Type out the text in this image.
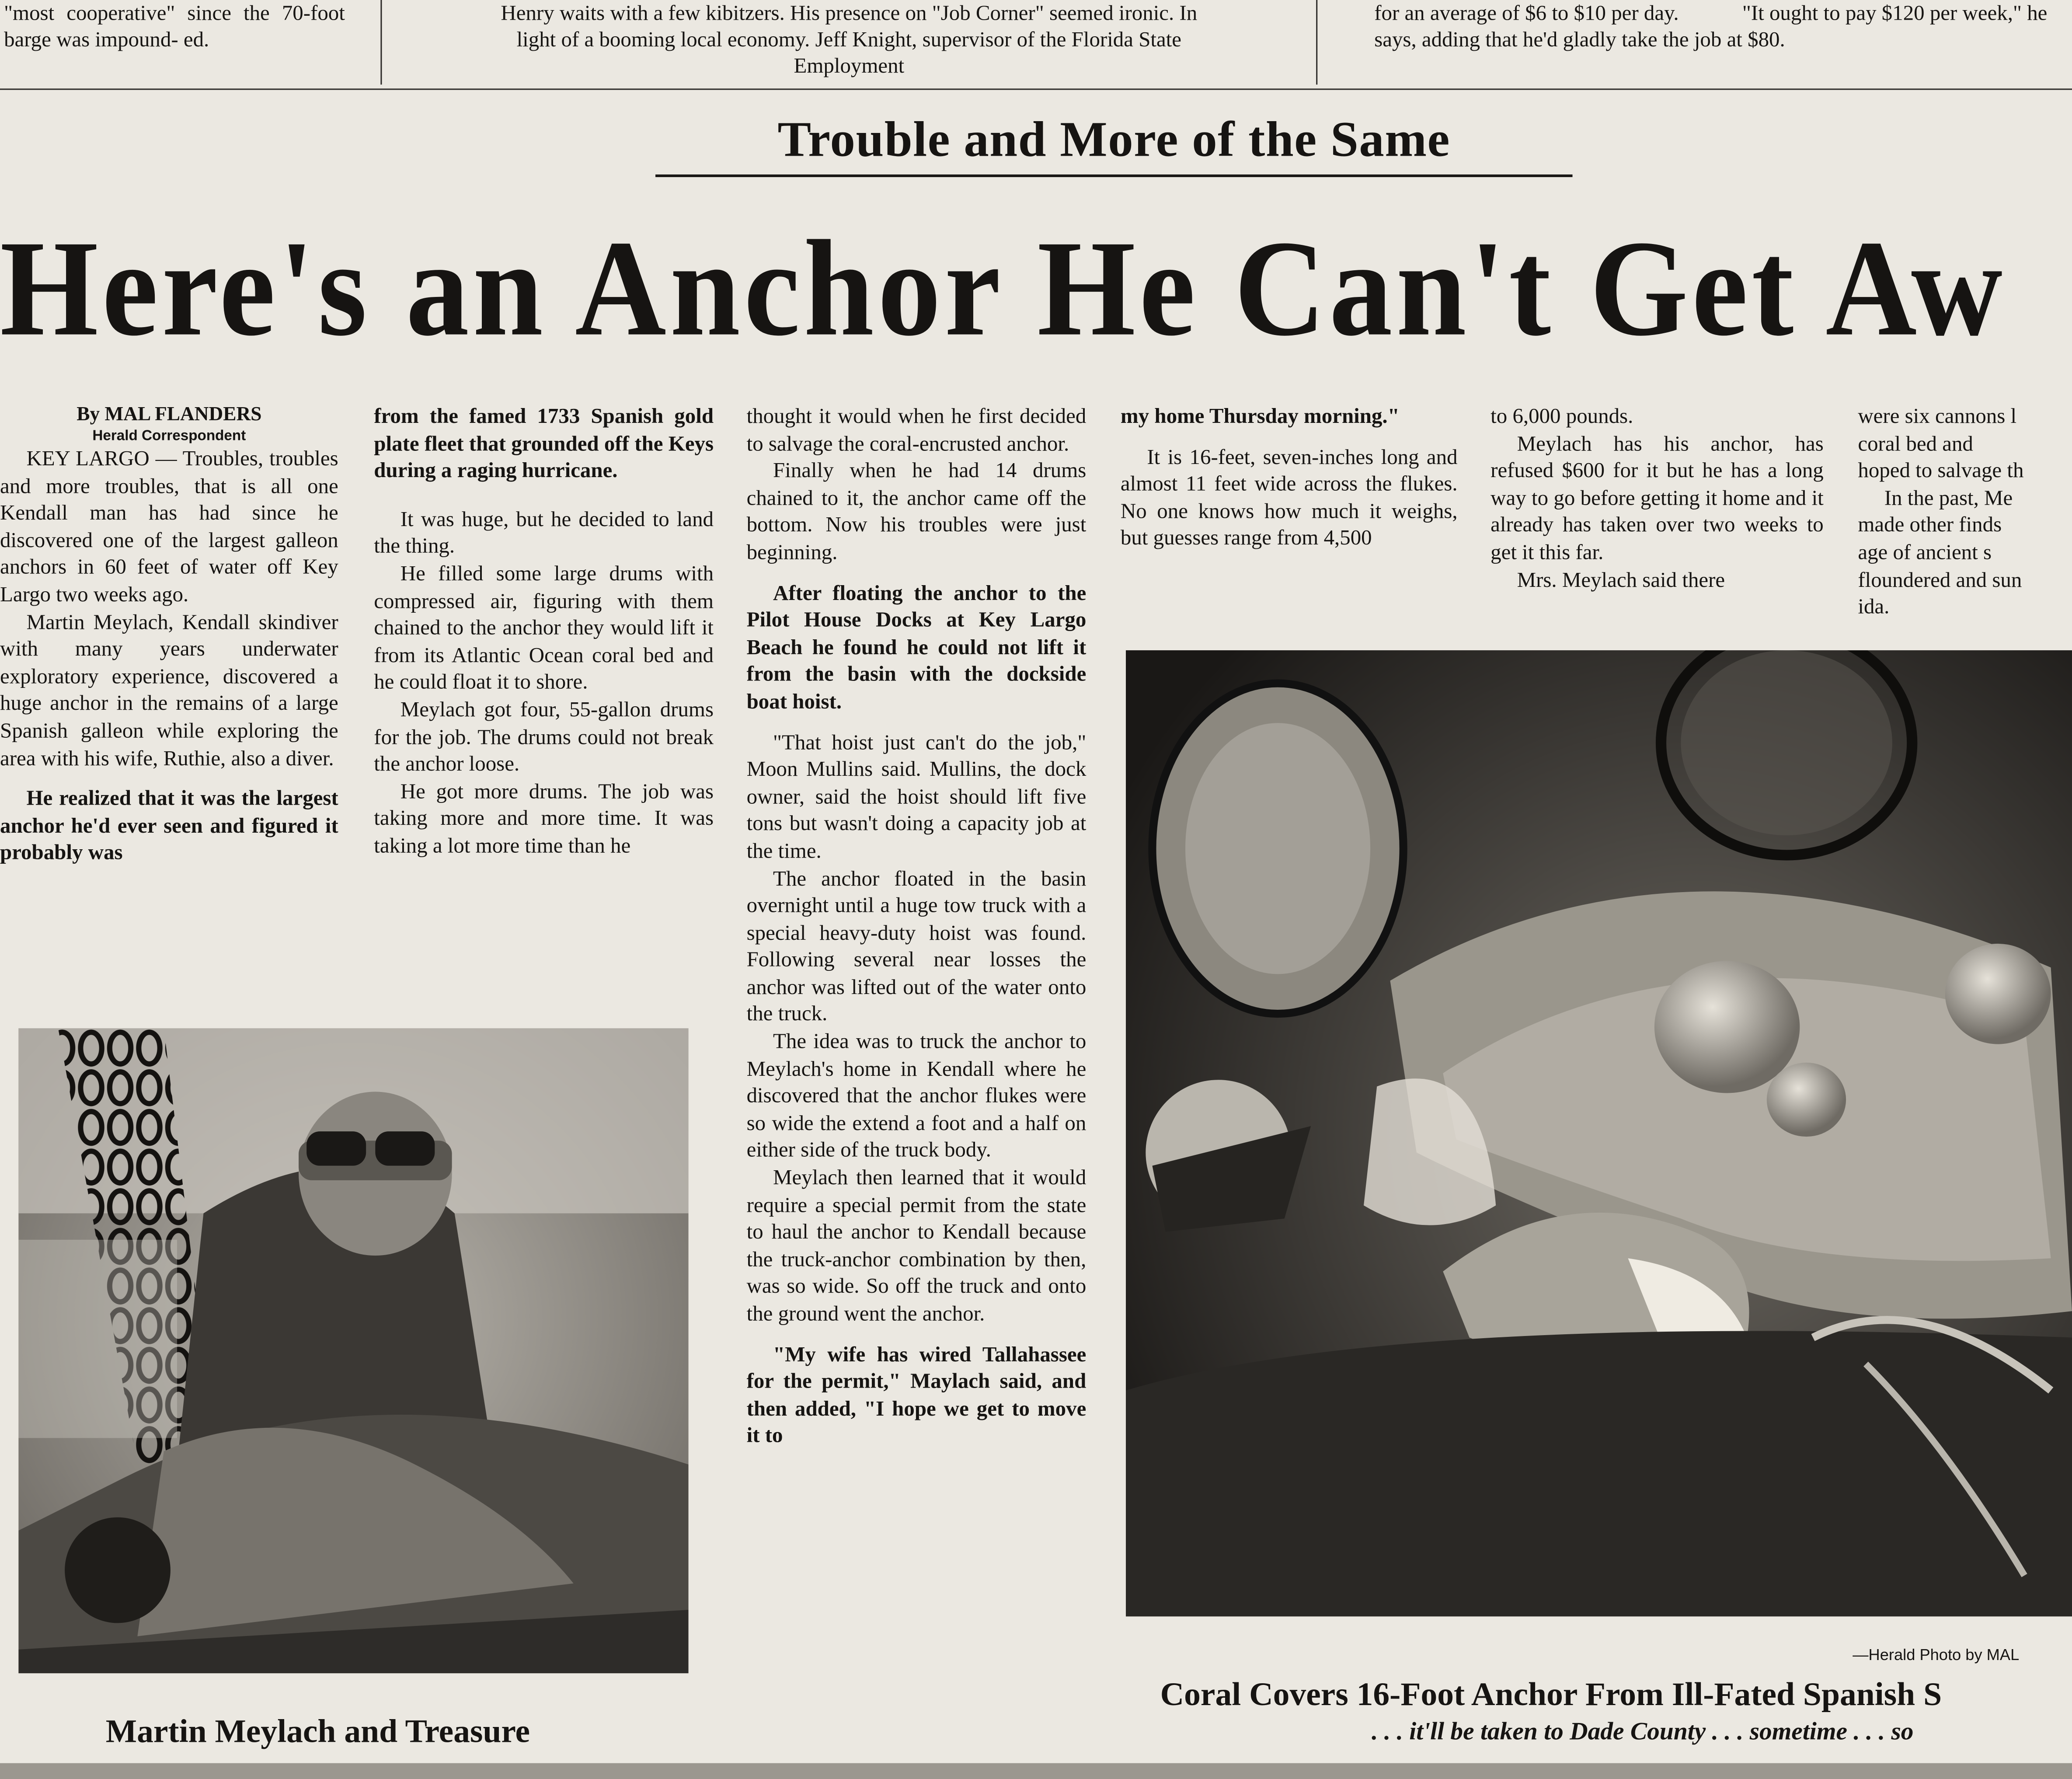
"most cooperative" since the 70-foot barge was impound- ed.
Henry waits with a few kibitzers. His presence on "Job Corner" seemed ironic. In light of a booming local economy. Jeff Knight, supervisor of the Florida State Employment
for an average of $6 to $10 per day.	"It ought to pay $120 per week," he says, adding that he'd gladly take the job at $80.
Trouble and More of the Same
Here's an Anchor He Can't Get Aw
By MAL FLANDERS
Herald Correspondent

KEY LARGO — Troubles, troubles and more troubles, that is all one Kendall man has had since he discovered one of the largest galleon anchors in 60 feet of water off Key Largo two weeks ago.

Martin Meylach, Kendall skindiver with many years underwater exploratory experience, discovered a huge anchor in the remains of a large Spanish galleon while exploring the area with his wife, Ruthie, also a diver.

He realized that it was the largest anchor he'd ever seen and figured it probably was

from the famed 1733 Spanish gold plate fleet that grounded off the Keys during a raging hurricane.

It was huge, but he decided to land the thing.

He filled some large drums with compressed air, figuring with them chained to the anchor they would lift it from its Atlantic Ocean coral bed and he could float it to shore.

Meylach got four, 55-gallon drums for the job. The drums could not break the anchor loose.

He got more drums. The job was taking more and more time. It was taking a lot more time than he

thought it would when he first decided to salvage the coral-encrusted anchor.

Finally when he had 14 drums chained to it, the anchor came off the bottom. Now his troubles were just beginning.

After floating the anchor to the Pilot House Docks at Key Largo Beach he found he could not lift it from the basin with the dockside boat hoist.

"That hoist just can't do the job," Moon Mullins said. Mullins, the dock owner, said the hoist should lift five tons but wasn't doing a capacity job at the time.

The anchor floated in the basin overnight until a huge tow truck with a special heavy-duty hoist was found. Following several near losses the anchor was lifted out of the water onto the truck.

The idea was to truck the anchor to Meylach's home in Kendall where he discovered that the anchor flukes were so wide the extend a foot and a half on either side of the truck body.

Meylach then learned that it would require a special permit from the state to haul the anchor to Kendall because the truck-anchor combination by then, was so wide. So off the truck and onto the ground went the anchor.

"My wife has wired Tallahassee for the permit," Maylach said, and then added, "I hope we get to move it to

my home Thursday morning."

It is 16-feet, seven-inches long and almost 11 feet wide across the flukes. No one knows how much it weighs, but guesses range from 4,500

to 6,000 pounds.

Meylach has his anchor, has refused $600 for it but he has a long way to go before getting it home and it already has taken over two weeks to get it this far.

Mrs. Meylach said there

were six cannons l
coral bed and
hoped to salvage th
In the past, Me
made other finds
age of ancient s
floundered and sun
ida.
Martin Meylach and Treasure
—Herald Photo by MAL
Coral Covers 16-Foot Anchor From Ill-Fated Spanish S
. . . it'll be taken to Dade County . . . sometime . . . so
